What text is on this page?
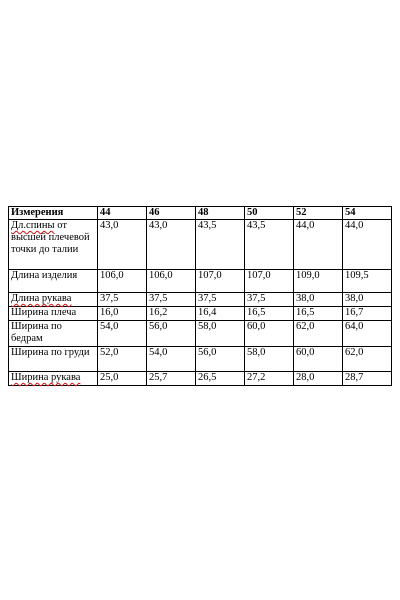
Измерения	44	46	48	50	52	54
Дл.спины от высшей плечевой точки до талии	43,0	43,0	43,5	43,5	44,0	44,0
Длина изделия	106,0	106,0	107,0	107,0	109,0	109,5
Длина рукава	37,5	37,5	37,5	37,5	38,0	38,0
Ширина плеча	16,0	16,2	16,4	16,5	16,5	16,7
Ширина по бедрам	54,0	56,0	58,0	60,0	62,0	64,0
Ширина по груди	52,0	54,0	56,0	58,0	60,0	62,0
Ширина рукава	25,0	25,7	26,5	27,2	28,0	28,7
